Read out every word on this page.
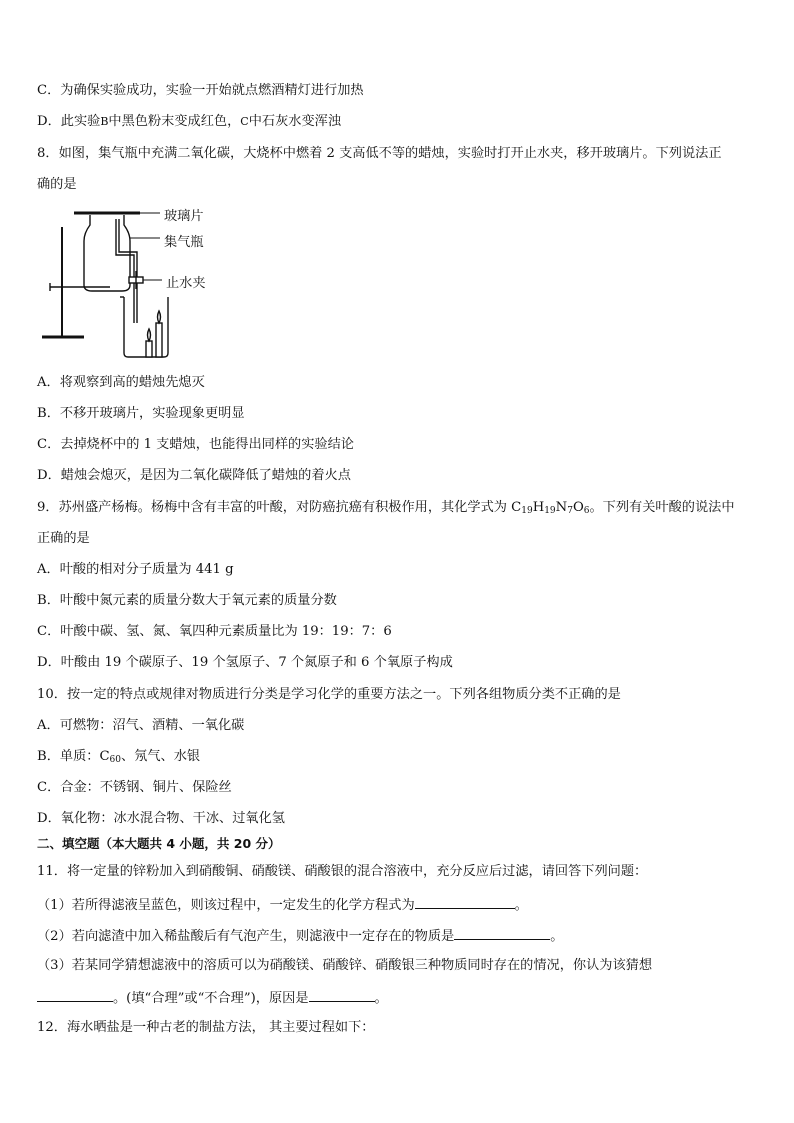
C．为确保实验成功，实验一开始就点燃酒精灯进行加热
D．此实验B中黑色粉末变成红色，C中石灰水变浑浊
8．如图，集气瓶中充满二氧化碳，大烧杯中燃着 2 支高低不等的蜡烛，实验时打开止水夹，移开玻璃片。下列说法正
确的是
玻璃片
集气瓶
止水夹
A．将观察到高的蜡烛先熄灭
B．不移开玻璃片，实验现象更明显
C．去掉烧杯中的 1 支蜡烛，也能得出同样的实验结论
D．蜡烛会熄灭，是因为二氧化碳降低了蜡烛的着火点
9．苏州盛产杨梅。杨梅中含有丰富的叶酸，对防癌抗癌有积极作用，其化学式为 $C_{19}H_{19}N_7O_6$。下列有关叶酸的说法中
正确的是
A．叶酸的相对分子质量为 441 g
B．叶酸中氮元素的质量分数大于氧元素的质量分数
C．叶酸中碳、氢、氮、氧四种元素质量比为 19：19：7：6
D．叶酸由 19 个碳原子、19 个氢原子、7 个氮原子和 6 个氧原子构成
10．按一定的特点或规律对物质进行分类是学习化学的重要方法之一。下列各组物质分类不正确的是
A．可燃物：沼气、酒精、一氧化碳
B．单质：$C_{60}$、氖气、水银
C．合金：不锈钢、铜片、保险丝
D．氧化物：冰水混合物、干冰、过氧化氢
二、填空题（本大题共 4 小题，共 20 分）
11．将一定量的锌粉加入到硝酸铜、硝酸镁、硝酸银的混合溶液中，充分反应后过滤，请回答下列问题：
（1）若所得滤液呈蓝色，则该过程中，一定发生的化学方程式为	。
（2）若向滤渣中加入稀盐酸后有气泡产生，则滤液中一定存在的物质是	。
（3）若某同学猜想滤液中的溶质可以为硝酸镁、硝酸锌、硝酸银三种物质同时存在的情况，你认为该猜想
。(填“合理”或“不合理”)，原因是	。
12．海水晒盐是一种古老的制盐方法， 其主要过程如下：
